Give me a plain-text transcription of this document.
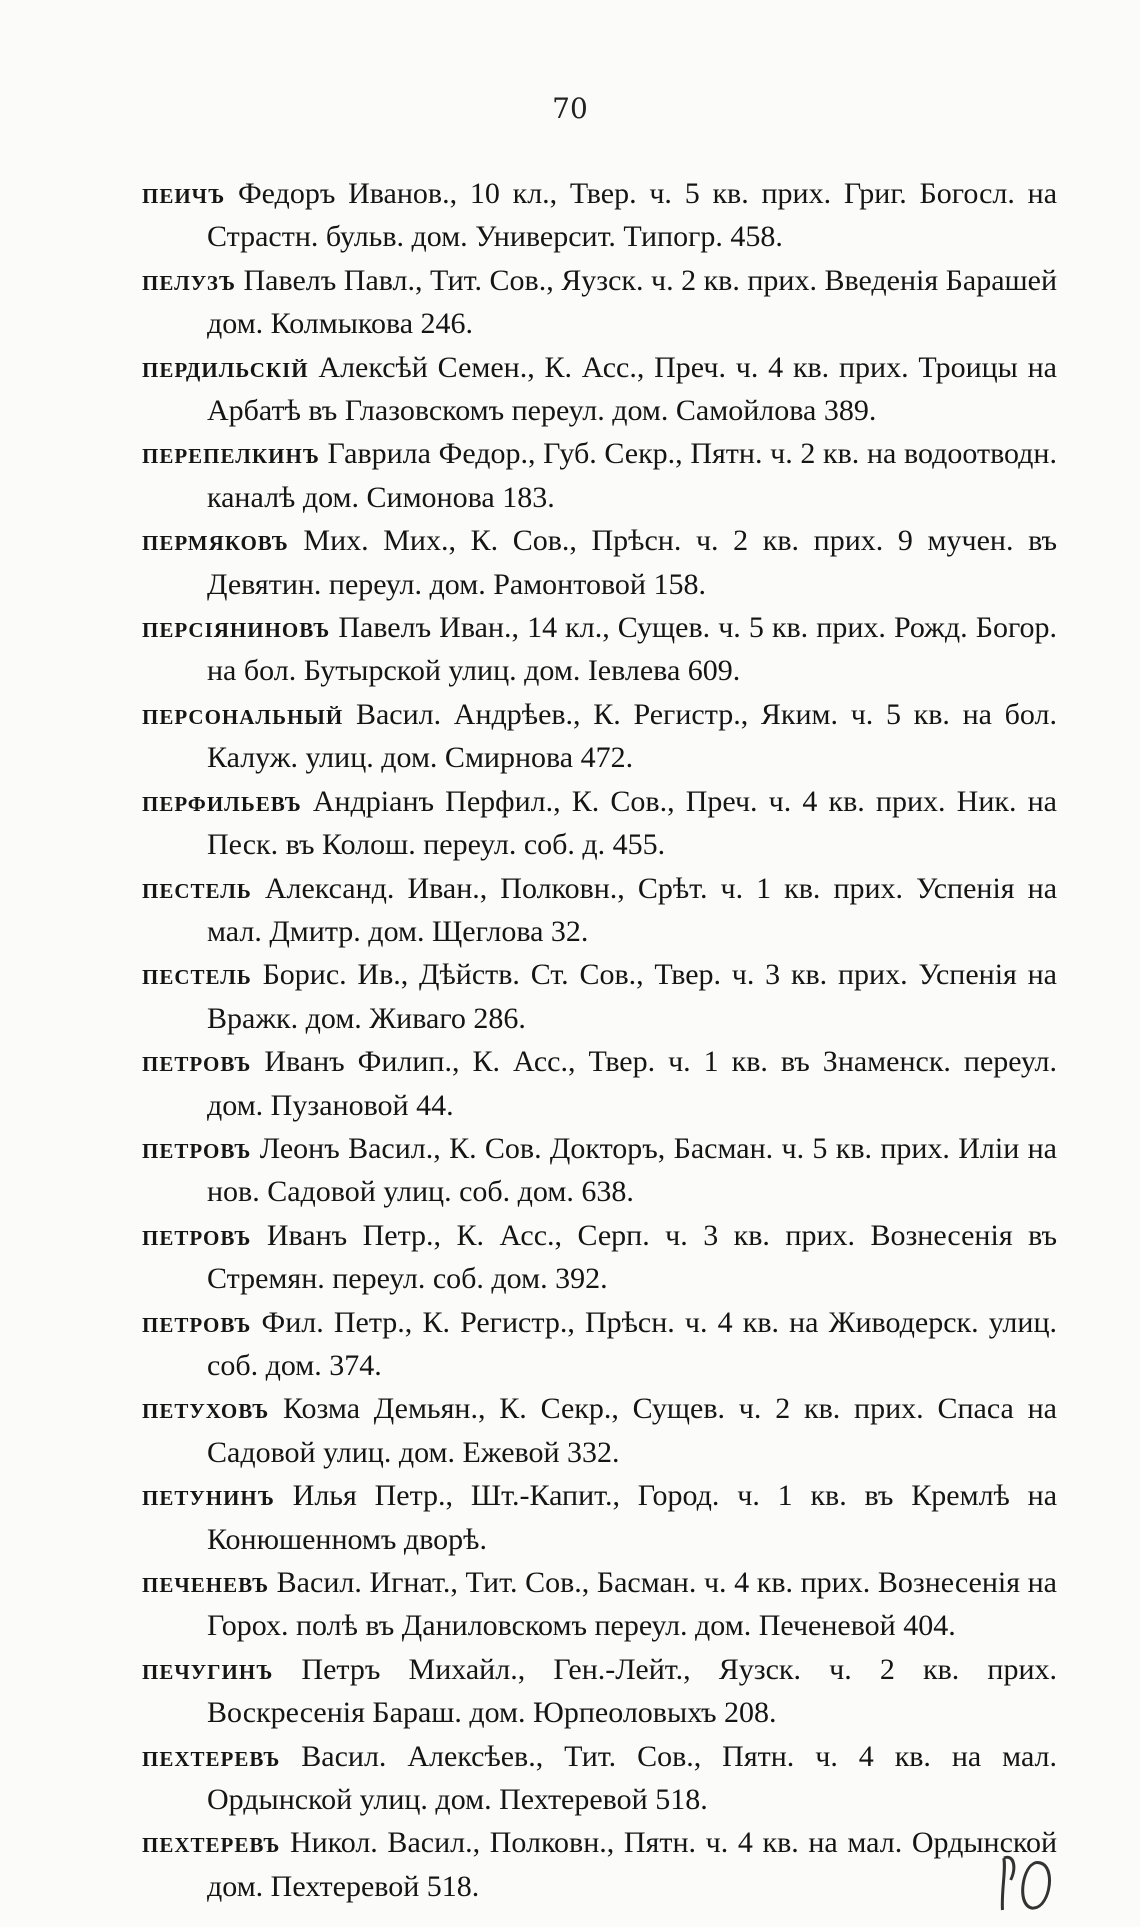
70

пеичъ Федоръ Иванов., 10 кл., Твер. ч. 5 кв. прих. Григ. Богосл. на Страстн. бульв. дом. Университ. Типогр. 458.

пелузъ Павелъ Павл., Тит. Сов., Яузск. ч. 2 кв. прих. Введенія Барашей дом. Колмыкова 246.

пердильскій Алексѣй Семен., К. Асс., Преч. ч. 4 кв. прих. Троицы на Арбатѣ въ Глазовскомъ переул. дом. Самойлова 389.

перепелкинъ Гаврила Федор., Губ. Секр., Пятн. ч. 2 кв. на водоотводн. каналѣ дом. Симонова 183.

пермяковъ Мих. Мих., К. Сов., Прѣсн. ч. 2 кв. прих. 9 мучен. въ Девятин. переул. дом. Рамонтовой 158.

персіяниновъ Павелъ Иван., 14 кл., Сущев. ч. 5 кв. прих. Рожд. Богор. на бол. Бутырской улиц. дом. Іевлева 609.

персональный Васил. Андрѣев., К. Регистр., Яким. ч. 5 кв. на бол. Калуж. улиц. дом. Смирнова 472.

перфильевъ Андріанъ Перфил., К. Сов., Преч. ч. 4 кв. прих. Ник. на Песк. въ Колош. переул. соб. д. 455.

пестель Александ. Иван., Полковн., Срѣт. ч. 1 кв. прих. Успенія на мал. Дмитр. дом. Щеглова 32.

пестель Борис. Ив., Дѣйств. Ст. Сов., Твер. ч. 3 кв. прих. Успенія на Вражк. дом. Живаго 286.

петровъ Иванъ Филип., К. Асс., Твер. ч. 1 кв. въ Знаменск. переул. дом. Пузановой 44.

петровъ Леонъ Васил., К. Сов. Докторъ, Басман. ч. 5 кв. прих. Иліи на нов. Садовой улиц. соб. дом. 638.

петровъ Иванъ Петр., К. Асс., Серп. ч. 3 кв. прих. Вознесенія въ Стремян. переул. соб. дом. 392.

петровъ Фил. Петр., К. Регистр., Прѣсн. ч. 4 кв. на Живодерск. улиц. соб. дом. 374.

петуховъ Козма Демьян., К. Секр., Сущев. ч. 2 кв. прих. Спаса на Садовой улиц. дом. Ежевой 332.

петунинъ Илья Петр., Шт.-Капит., Город. ч. 1 кв. въ Кремлѣ на Конюшенномъ дворѣ.

печеневъ Васил. Игнат., Тит. Сов., Басман. ч. 4 кв. прих. Вознесенія на Горох. полѣ въ Даниловскомъ переул. дом. Печеневой 404.

печугинъ Петръ Михайл., Ген.-Лейт., Яузск. ч. 2 кв. прих. Воскресенія Бараш. дом. Юрпеоловыхъ 208.

пехтеревъ Васил. Алексѣев., Тит. Сов., Пятн. ч. 4 кв. на мал. Ордынской улиц. дом. Пехтеревой 518.

пехтеревъ Никол. Васил., Полковн., Пятн. ч. 4 кв. на мал. Ордынской дом. Пехтеревой 518.
